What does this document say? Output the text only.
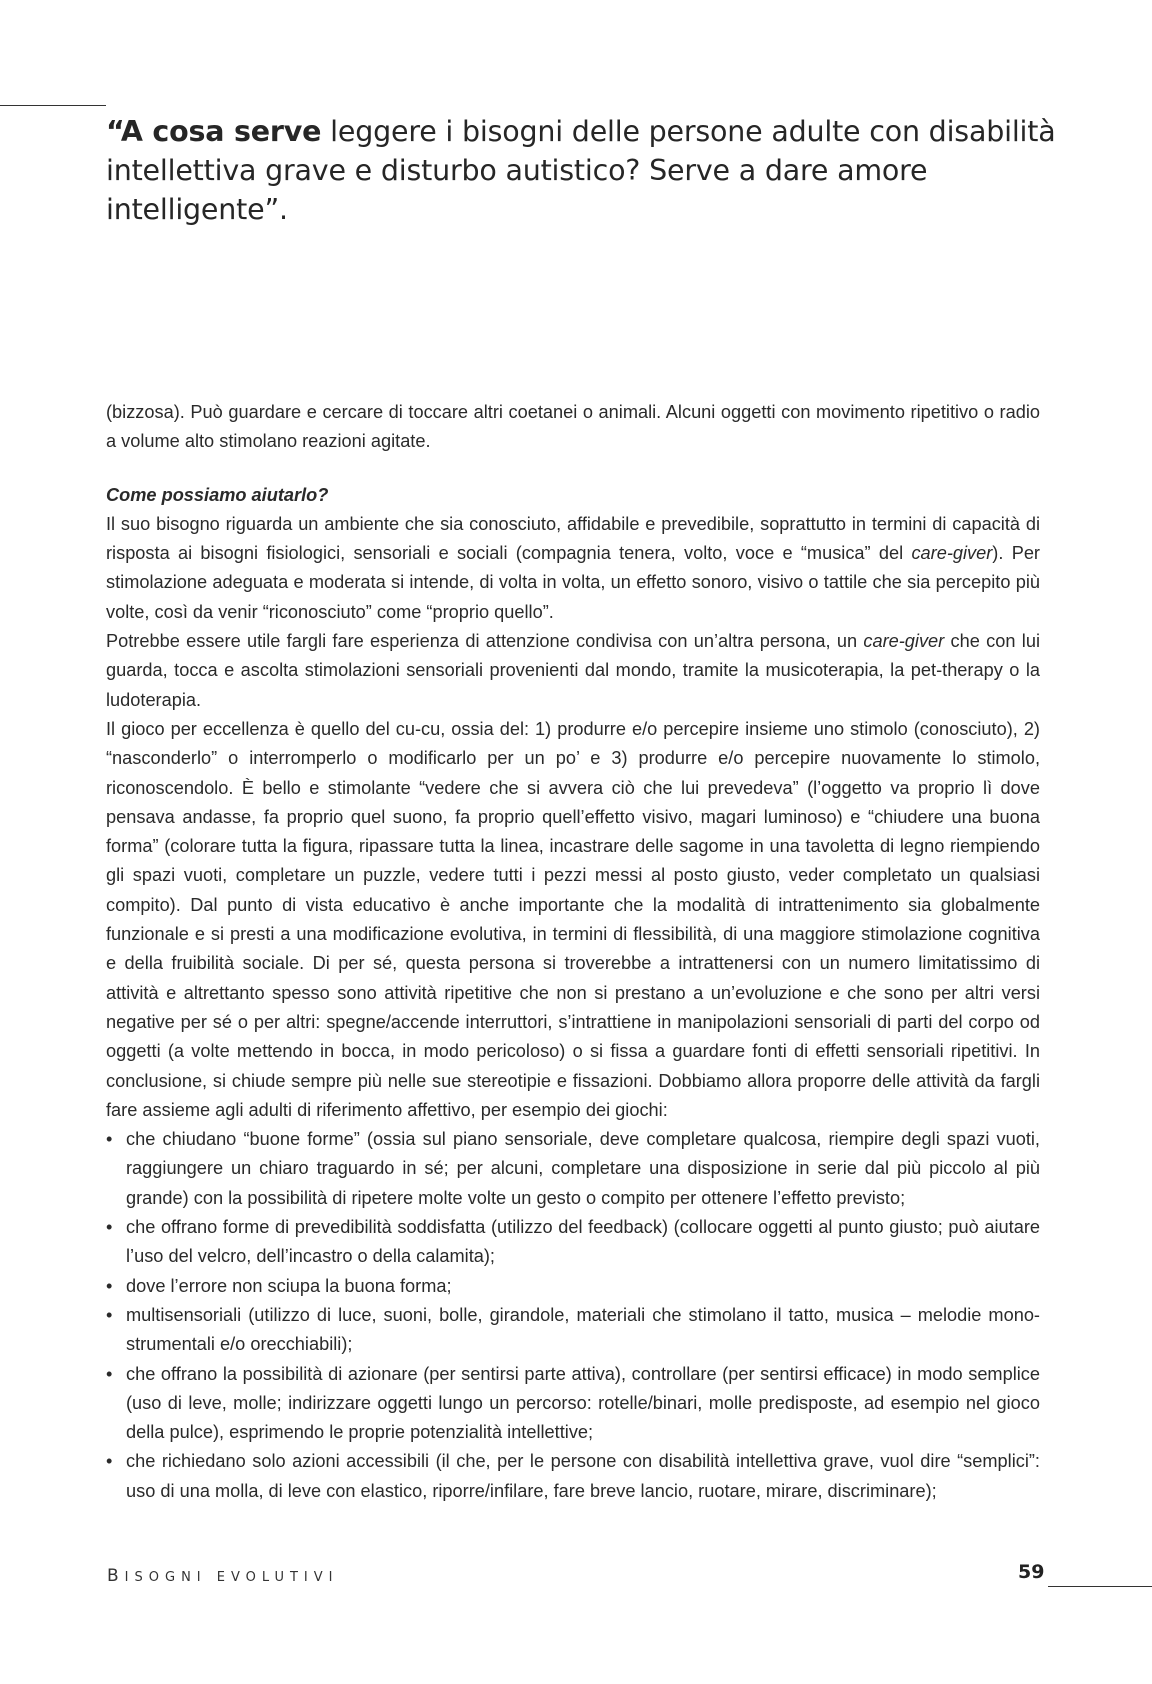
“A cosa serve leggere i bisogni delle persone adulte con disabilità intellettiva grave e disturbo autistico? Serve a dare amore intelligente”.

(bizzosa). Può guardare e cercare di toccare altri coetanei o animali. Alcuni oggetti con movimento ripetitivo o radio a volume alto stimolano reazioni agitate.

Come possiamo aiutarlo?

Il suo bisogno riguarda un ambiente che sia conosciuto, affidabile e prevedibile, soprattutto in termini di capacità di risposta ai bisogni fisiologici, sensoriali e sociali (compagnia tenera, volto, voce e “musica” del care-giver). Per stimolazione adeguata e moderata si intende, di volta in volta, un effetto sonoro, visivo o tattile che sia percepito più volte, così da venir “riconosciuto” come “proprio quello”.

Potrebbe essere utile fargli fare esperienza di attenzione condivisa con un’altra persona, un care-giver che con lui guarda, tocca e ascolta stimolazioni sensoriali provenienti dal mondo, tramite la musicoterapia, la pet-therapy o la ludoterapia.

Il gioco per eccellenza è quello del cu-cu, ossia del: 1) produrre e/o percepire insieme uno stimolo (conosciuto), 2) “nasconderlo” o interromperlo o modificarlo per un po’ e 3) produrre e/o percepire nuovamente lo stimolo, riconoscendolo. È bello e stimolante “vedere che si avvera ciò che lui prevedeva” (l’oggetto va proprio lì dove pensava andasse, fa proprio quel suono, fa proprio quell’effetto visivo, magari luminoso) e “chiudere una buona forma” (colorare tutta la figura, ripassare tutta la linea, incastrare delle sagome in una tavoletta di legno riempiendo gli spazi vuoti, completare un puzzle, vedere tutti i pezzi messi al posto giusto, veder completato un qualsiasi compito). Dal punto di vista educativo è anche importante che la modalità di intrattenimento sia globalmente funzionale e si presti a una modificazione evolutiva, in termini di flessibilità, di una maggiore stimolazione cognitiva e della fruibilità sociale. Di per sé, questa persona si troverebbe a intrattenersi con un numero limitatissimo di attività e altrettanto spesso sono attività ripetitive che non si prestano a un’evoluzione e che sono per altri versi negative per sé o per altri: spegne/accende interruttori, s’intrattiene in manipolazioni sensoriali di parti del corpo od oggetti (a volte mettendo in bocca, in modo pericoloso) o si fissa a guardare fonti di effetti sensoriali ripetitivi. In conclusione, si chiude sempre più nelle sue stereotipie e fissazioni. Dobbiamo allora proporre delle attività da fargli fare assieme agli adulti di riferimento affettivo, per esempio dei giochi:

• che chiudano “buone forme” (ossia sul piano sensoriale, deve completare qualcosa, riempire degli spazi vuoti, raggiungere un chiaro traguardo in sé; per alcuni, completare una disposizione in serie dal più piccolo al più grande) con la possibilità di ripetere molte volte un gesto o compito per ottenere l’effetto previsto;
• che offrano forme di prevedibilità soddisfatta (utilizzo del feedback) (collocare oggetti al punto giusto; può aiutare l’uso del velcro, dell’incastro o della calamita);
• dove l’errore non sciupa la buona forma;
• multisensoriali (utilizzo di luce, suoni, bolle, girandole, materiali che stimolano il tatto, musica – melodie mono-strumentali e/o orecchiabili);
• che offrano la possibilità di azionare (per sentirsi parte attiva), controllare (per sentirsi efficace) in modo semplice (uso di leve, molle; indirizzare oggetti lungo un percorso: rotelle/binari, molle predisposte, ad esempio nel gioco della pulce), esprimendo le proprie potenzialità intellettive;
• che richiedano solo azioni accessibili (il che, per le persone con disabilità intellettiva grave, vuol dire “semplici”: uso di una molla, di leve con elastico, riporre/infilare, fare breve lancio, ruotare, mirare, discriminare);
BISOGNI EVOLUTIVI	59
